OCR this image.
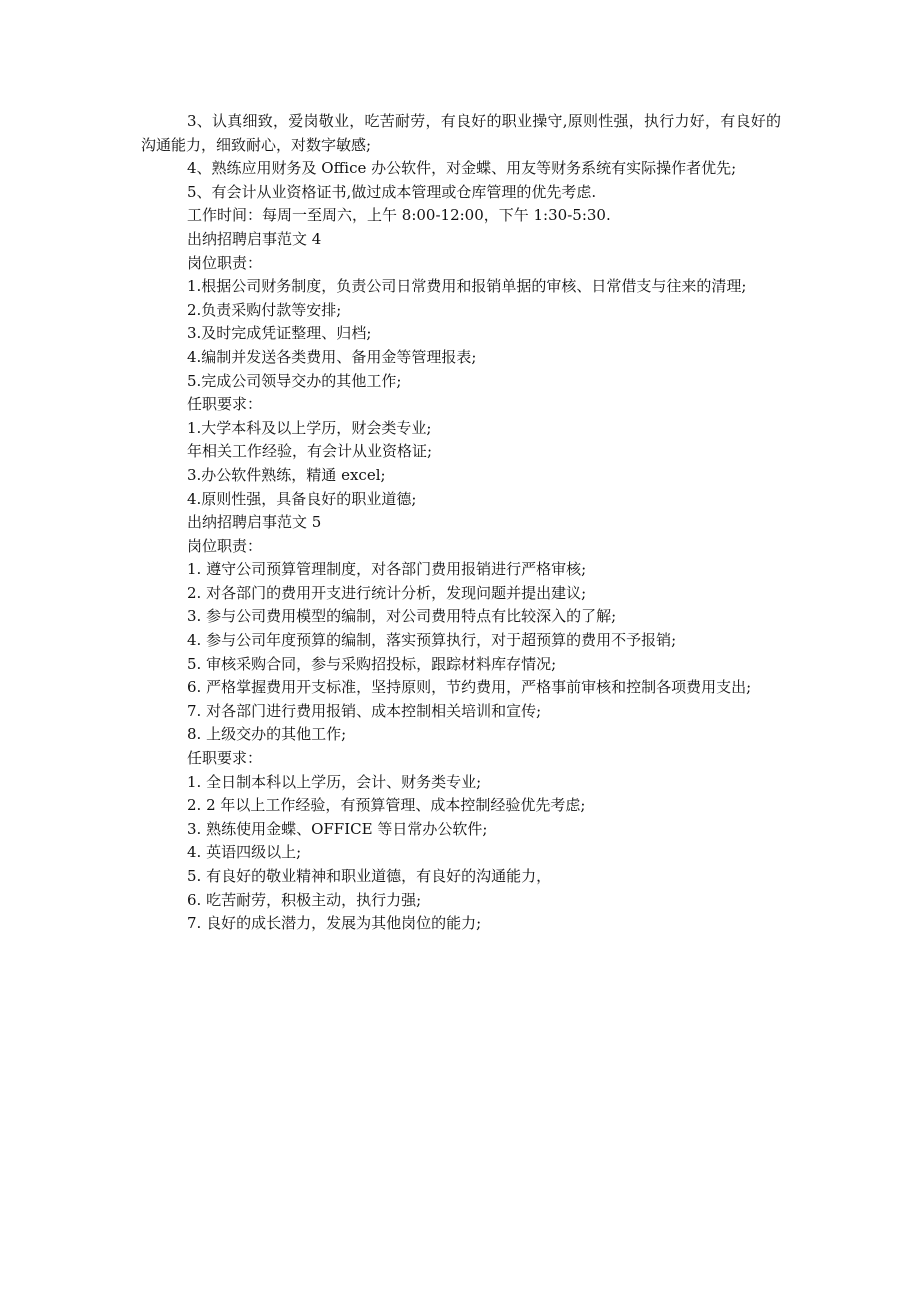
3、认真细致，爱岗敬业，吃苦耐劳，有良好的职业操守,原则性强，执行力好，有良好的沟通能力，细致耐心，对数字敏感;
4、熟练应用财务及 Office 办公软件，对金蝶、用友等财务系统有实际操作者优先;
5、有会计从业资格证书,做过成本管理或仓库管理的优先考虑.
工作时间：每周一至周六，上午 8:00-12:00，下午 1:30-5:30.
出纳招聘启事范文 4
岗位职责：
1.根据公司财务制度，负责公司日常费用和报销单据的审核、日常借支与往来的清理;
2.负责采购付款等安排;
3.及时完成凭证整理、归档;
4.编制并发送各类费用、备用金等管理报表;
5.完成公司领导交办的其他工作;
任职要求：
1.大学本科及以上学历，财会类专业;
年相关工作经验，有会计从业资格证;
3.办公软件熟练，精通 excel;
4.原则性强，具备良好的职业道德;
出纳招聘启事范文 5
岗位职责：
1. 遵守公司预算管理制度，对各部门费用报销进行严格审核;
2. 对各部门的费用开支进行统计分析，发现问题并提出建议;
3. 参与公司费用模型的编制，对公司费用特点有比较深入的了解;
4. 参与公司年度预算的编制，落实预算执行，对于超预算的费用不予报销;
5. 审核采购合同，参与采购招投标，跟踪材料库存情况;
6. 严格掌握费用开支标准，坚持原则，节约费用，严格事前审核和控制各项费用支出;
7. 对各部门进行费用报销、成本控制相关培训和宣传;
8. 上级交办的其他工作;
任职要求：
1. 全日制本科以上学历，会计、财务类专业;
2. 2 年以上工作经验，有预算管理、成本控制经验优先考虑;
3. 熟练使用金蝶、OFFICE 等日常办公软件;
4. 英语四级以上;
5. 有良好的敬业精神和职业道德，有良好的沟通能力，
6. 吃苦耐劳，积极主动，执行力强;
7. 良好的成长潜力，发展为其他岗位的能力;
